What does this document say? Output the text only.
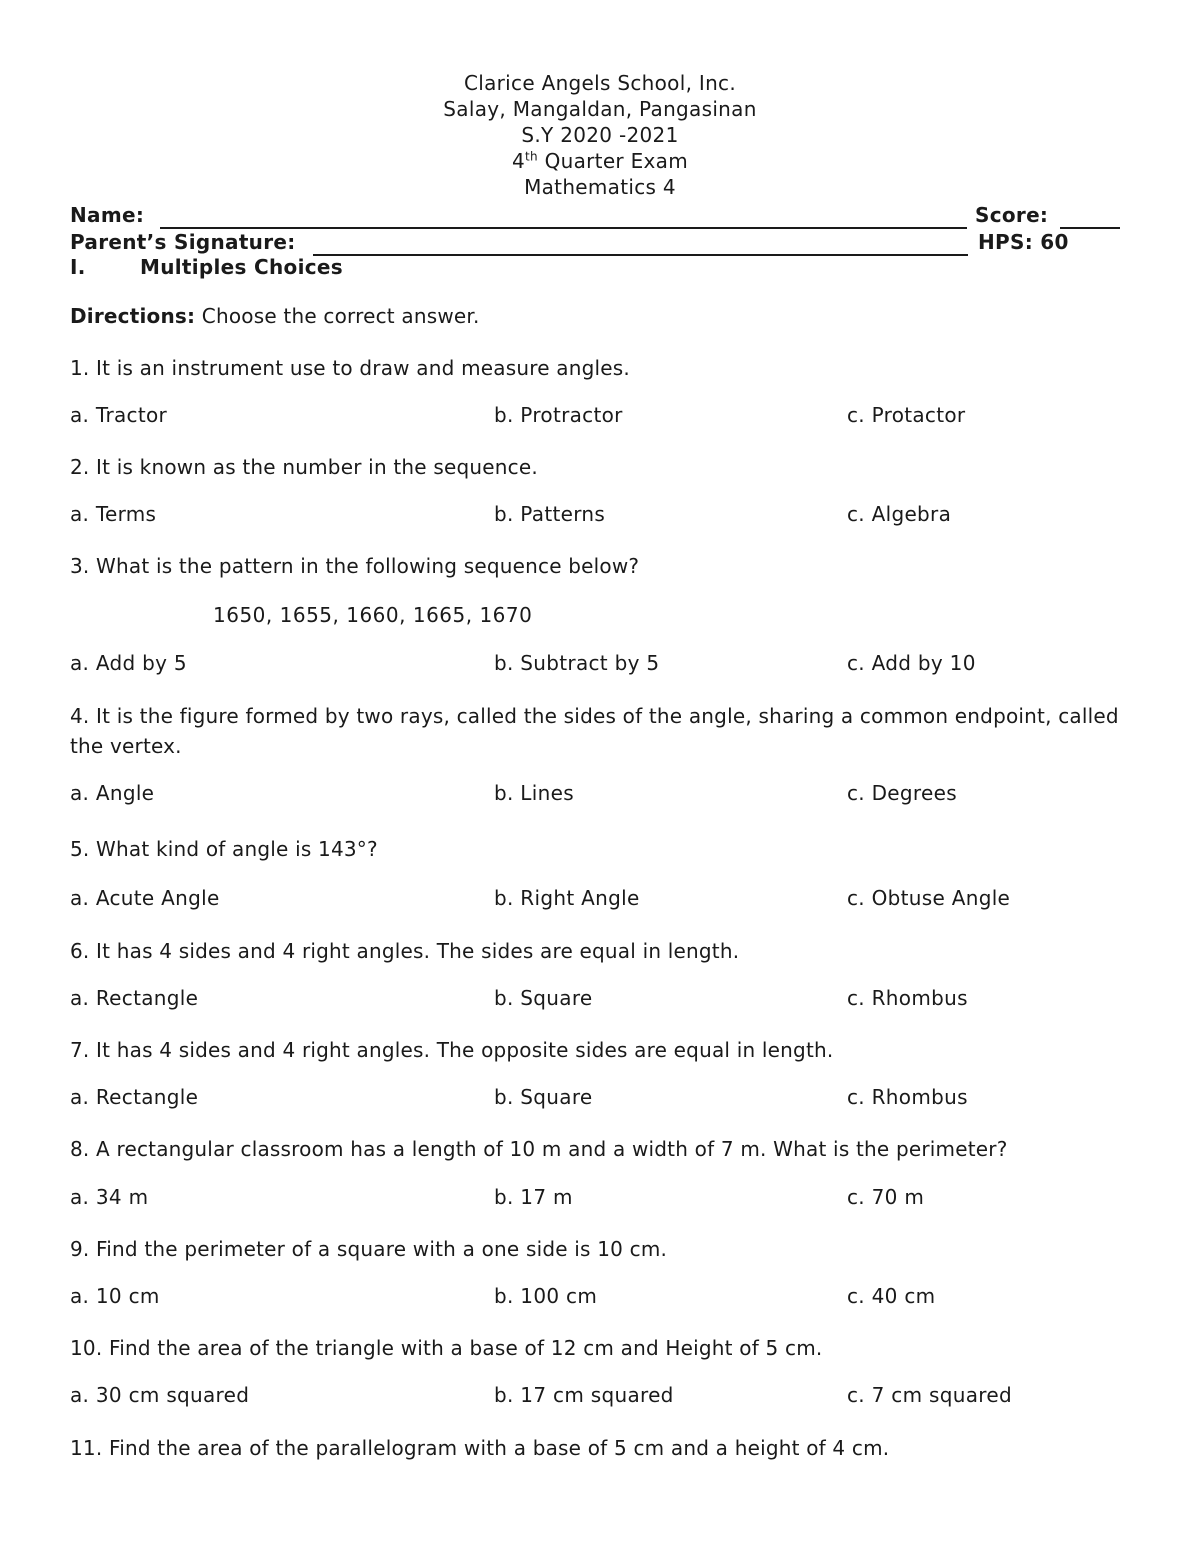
Clarice Angels School, Inc.
Salay, Mangaldan, Pangasinan
S.Y 2020 -2021
4th Quarter Exam
Mathematics 4
Name:	Score:
Parent’s Signature:	HPS: 60
I.	Multiples Choices
Directions: Choose the correct answer.
1. It is an instrument use to draw and measure angles.
a. Tractor	b. Protractor	c. Protactor
2. It is known as the number in the sequence.
a. Terms	b. Patterns	c. Algebra
3. What is the pattern in the following sequence below?
1650, 1655, 1660, 1665, 1670
a. Add by 5	b. Subtract by 5	c. Add by 10
4. It is the figure formed by two rays, called the sides of the angle, sharing a common endpoint, called the vertex.
a. Angle	b. Lines	c. Degrees
5. What kind of angle is 143°?
a. Acute Angle	b. Right Angle	c. Obtuse Angle
6. It has 4 sides and 4 right angles. The sides are equal in length.
a. Rectangle	b. Square	c. Rhombus
7. It has 4 sides and 4 right angles. The opposite sides are equal in length.
a. Rectangle	b. Square	c. Rhombus
8. A rectangular classroom has a length of 10 m and a width of 7 m. What is the perimeter?
a. 34 m	b. 17 m	c. 70 m
9. Find the perimeter of a square with a one side is 10 cm.
a. 10 cm	b. 100 cm	c. 40 cm
10. Find the area of the triangle with a base of 12 cm and Height of 5 cm.
a. 30 cm squared	b. 17 cm squared	c. 7 cm squared
11. Find the area of the parallelogram with a base of 5 cm and a height of 4 cm.
